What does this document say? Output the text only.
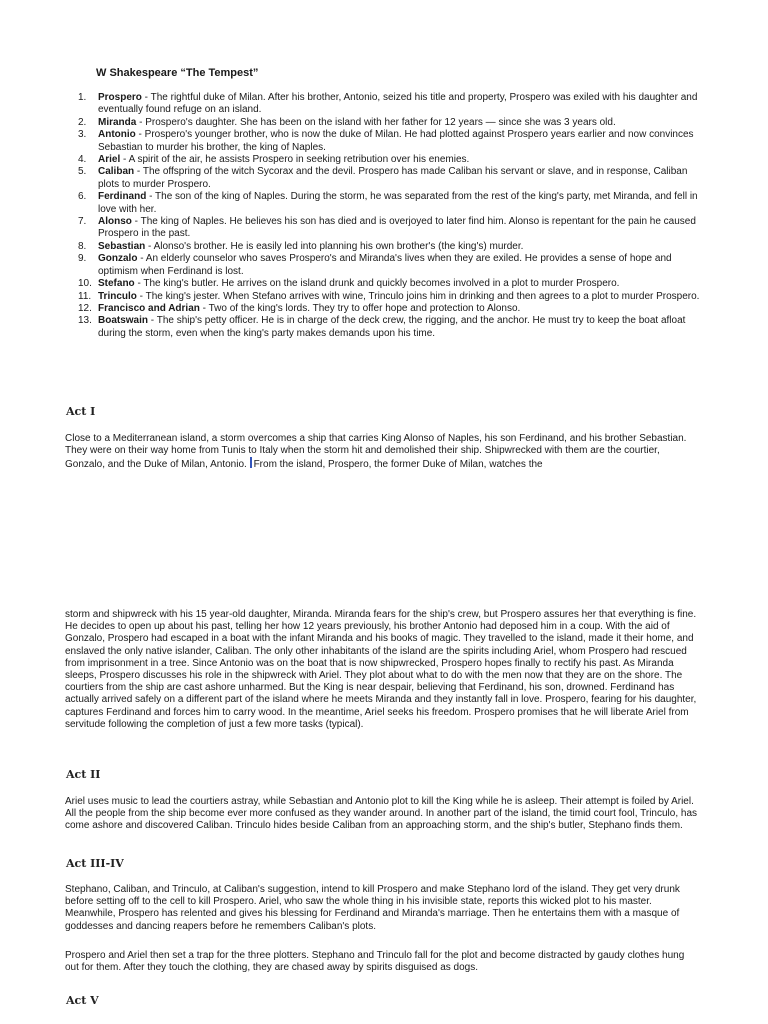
W Shakespeare “The Tempest”
1.	Prospero - The rightful duke of Milan. After his brother, Antonio, seized his title and property, Prospero was exiled with his daughter and eventually found refuge on an island.
2.	Miranda - Prospero's daughter. She has been on the island with her father for 12 years — since she was 3 years old.
3.	Antonio - Prospero's younger brother, who is now the duke of Milan. He had plotted against Prospero years earlier and now convinces Sebastian to murder his brother, the king of Naples.
4.	Ariel - A spirit of the air, he assists Prospero in seeking retribution over his enemies.
5.	Caliban - The offspring of the witch Sycorax and the devil. Prospero has made Caliban his servant or slave, and in response, Caliban plots to murder Prospero.
6.	Ferdinand - The son of the king of Naples. During the storm, he was separated from the rest of the king's party, met Miranda, and fell in love with her.
7.	Alonso - The king of Naples. He believes his son has died and is overjoyed to later find him. Alonso is repentant for the pain he caused Prospero in the past.
8.	Sebastian - Alonso's brother. He is easily led into planning his own brother's (the king's) murder.
9.	Gonzalo - An elderly counselor who saves Prospero's and Miranda's lives when they are exiled. He provides a sense of hope and optimism when Ferdinand is lost.
10. Stefano - The king's butler. He arrives on the island drunk and quickly becomes involved in a plot to murder Prospero.
11. Trinculo - The king's jester. When Stefano arrives with wine, Trinculo joins him in drinking and then agrees to a plot to murder Prospero.
12. Francisco and Adrian - Two of the king's lords. They try to offer hope and protection to Alonso.
13. Boatswain - The ship's petty officer. He is in charge of the deck crew, the rigging, and the anchor. He must try to keep the boat afloat during the storm, even when the king's party makes demands upon his time.
Act I

Close to a Mediterranean island, a storm overcomes a ship that carries King Alonso of Naples, his son Ferdinand, and his brother Sebastian. They were on their way home from Tunis to Italy when the storm hit and demolished their ship. Shipwrecked with them are the courtier, Gonzalo, and the Duke of Milan, Antonio. From the island, Prospero, the former Duke of Milan, watches the

storm and shipwreck with his 15 year-old daughter, Miranda. Miranda fears for the ship's crew, but Prospero assures her that everything is fine. He decides to open up about his past, telling her how 12 years previously, his brother Antonio had deposed him in a coup. With the aid of Gonzalo, Prospero had escaped in a boat with the infant Miranda and his books of magic. They travelled to the island, made it their home, and enslaved the only native islander, Caliban. The only other inhabitants of the island are the spirits including Ariel, whom Prospero had rescued from imprisonment in a tree. Since Antonio was on the boat that is now shipwrecked, Prospero hopes finally to rectify his past. As Miranda sleeps, Prospero discusses his role in the shipwreck with Ariel. They plot about what to do with the men now that they are on the shore. The courtiers from the ship are cast ashore unharmed. But the King is near despair, believing that Ferdinand, his son, drowned. Ferdinand has actually arrived safely on a different part of the island where he meets Miranda and they instantly fall in love. Prospero, fearing for his daughter, captures Ferdinand and forces him to carry wood. In the meantime, Ariel seeks his freedom. Prospero promises that he will liberate Ariel from servitude following the completion of just a few more tasks (typical).

Act II

Ariel uses music to lead the courtiers astray, while Sebastian and Antonio plot to kill the King while he is asleep. Their attempt is foiled by Ariel. All the people from the ship become ever more confused as they wander around. In another part of the island, the timid court fool, Trinculo, has come ashore and discovered Caliban. Trinculo hides beside Caliban from an approaching storm, and the ship's butler, Stephano finds them.

Act III-IV

Stephano, Caliban, and Trinculo, at Caliban's suggestion, intend to kill Prospero and make Stephano lord of the island. They get very drunk before setting off to the cell to kill Prospero. Ariel, who saw the whole thing in his invisible state, reports this wicked plot to his master. Meanwhile, Prospero has relented and gives his blessing for Ferdinand and Miranda's marriage. Then he entertains them with a masque of goddesses and dancing reapers before he remembers Caliban's plots.

Prospero and Ariel then set a trap for the three plotters. Stephano and Trinculo fall for the plot and become distracted by gaudy clothes hung out for them. After they touch the clothing, they are chased away by spirits disguised as dogs.

Act V
